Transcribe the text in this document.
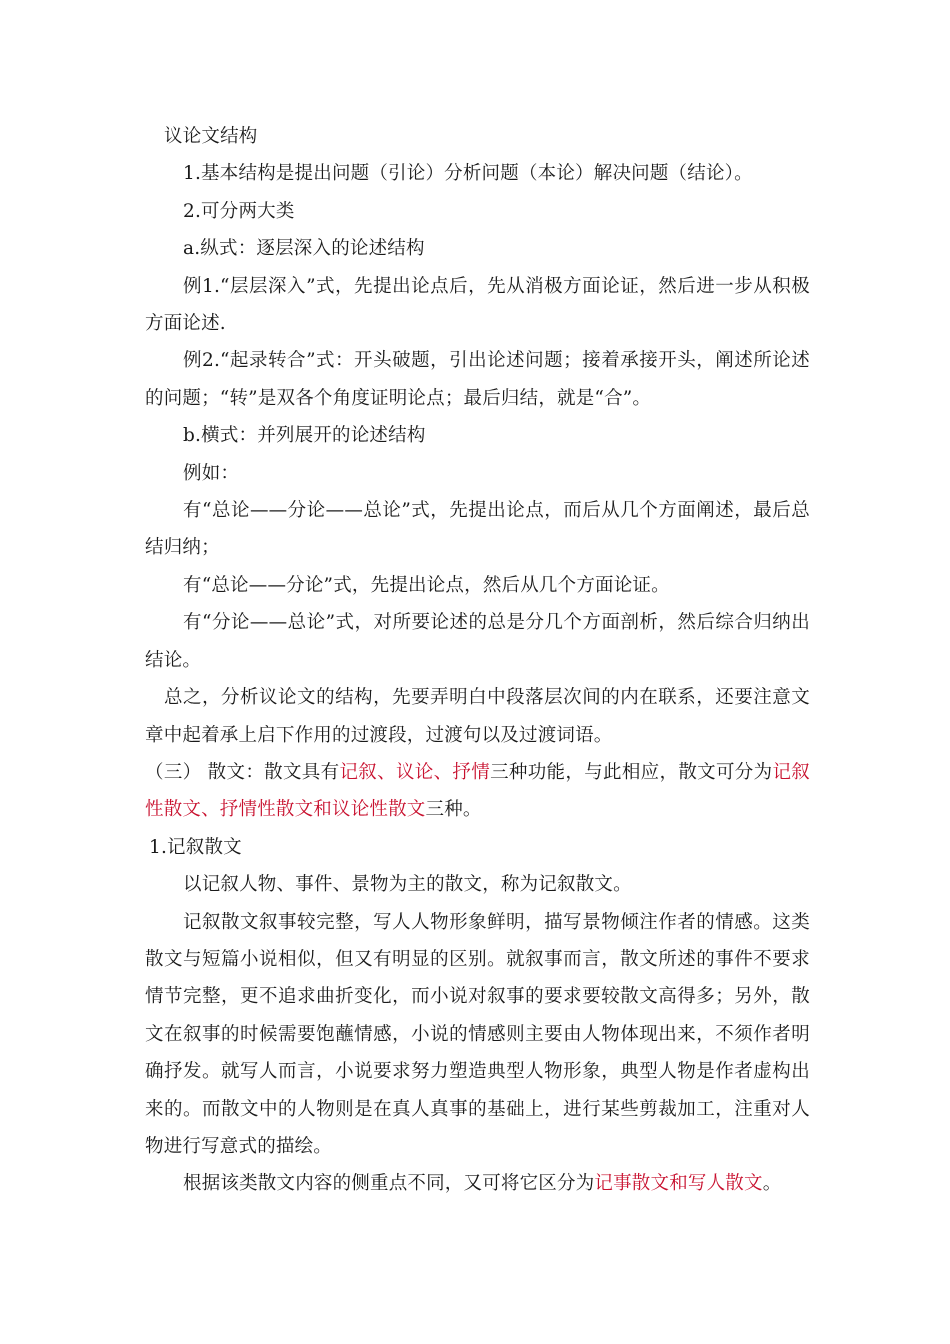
议论文结构

1.基本结构是提出问题（引论）分析问题（本论）解决问题（结论）。

2.可分两大类

a.纵式：逐层深入的论述结构

例1.“层层深入”式，先提出论点后，先从消极方面论证，然后进一步从积极方面论述.

例2.“起录转合”式：开头破题，引出论述问题；接着承接开头，阐述所论述的问题；“转”是双各个角度证明论点；最后归结，就是“合”。

b.横式：并列展开的论述结构

例如：

有“总论——分论——总论”式，先提出论点，而后从几个方面阐述，最后总结归纳；

有“总论——分论”式，先提出论点，然后从几个方面论证。

有“分论——总论”式，对所要论述的总是分几个方面剖析，然后综合归纳出结论。

总之，分析议论文的结构，先要弄明白中段落层次间的内在联系，还要注意文章中起着承上启下作用的过渡段，过渡句以及过渡词语。

（三） 散文：散文具有记叙、议论、抒情三种功能，与此相应，散文可分为记叙性散文、抒情性散文和议论性散文三种。

1.记叙散文

以记叙人物、事件、景物为主的散文，称为记叙散文。

记叙散文叙事较完整，写人人物形象鲜明，描写景物倾注作者的情感。这类散文与短篇小说相似，但又有明显的区别。就叙事而言，散文所述的事件不要求情节完整，更不追求曲折变化，而小说对叙事的要求要较散文高得多；另外，散文在叙事的时候需要饱蘸情感，小说的情感则主要由人物体现出来，不须作者明确抒发。就写人而言，小说要求努力塑造典型人物形象，典型人物是作者虚构出来的。而散文中的人物则是在真人真事的基础上，进行某些剪裁加工，注重对人物进行写意式的描绘。

根据该类散文内容的侧重点不同，又可将它区分为记事散文和写人散文。
